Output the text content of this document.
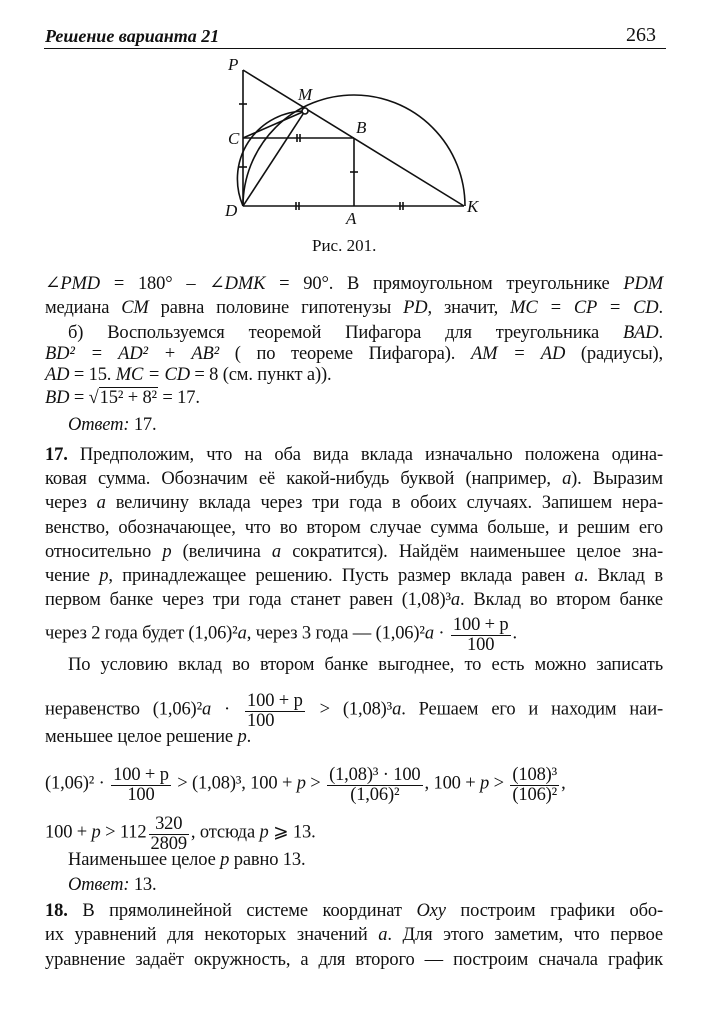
Решение варианта 21	263
P
M
C
B
D	A
K
Рис. 201.
∠PMD = 180° – ∠DMK = 90°. В прямоугольном треугольнике PDM
медиана CM равна половине гипотенузы PD, значит, MC = CP = CD.
б) Воспользуемся теоремой Пифагора для треугольника BAD.
BD² = AD² + AB² ( по теореме Пифагора). AM = AD (радиусы),
AD = 15. MC = CD = 8 (см. пункт а)).
BD = √15² + 8² = 17.
Ответ: 17.
17. Предположим, что на оба вида вклада изначально положена одина-
ковая сумма. Обозначим её какой-нибудь буквой (например, a). Выразим
через a величину вклада через три года в обоих случаях. Запишем нера-
венство, обозначающее, что во втором случае сумма больше, и решим его
относительно p (величина a сократится). Найдём наименьшее целое зна-
чение p, принадлежащее решению. Пусть размер вклада равен a. Вклад в
первом банке через три года станет равен (1,08)³a. Вклад во втором банке
через 2 года будет (1,06)²a, через 3 года — $(1,06)^2a \cdot \frac{100 + p}{100}$ .
По условию вклад во втором банке выгоднее, то есть можно записать
неравенство $(1,06)^2a \cdot \frac{100 + p}{100} > (1,08)^3a$. Решаем его и находим наи-
меньшее целое решение p.
$(1,06)^2 \cdot \frac{100 + p}{100} > (1,08)^3$, $100 + p > \frac{\text{(1,08)³ · 100}}{\text{(1,06)²}}$ , $100 + p > \frac{\text{(108)³}}{\text{(106)²}}$ ,
$100 + p > 112 \frac{320}{2809}$ , отсюда p ⩾ 13.
Наименьшее целое p равно 13.
Ответ: 13.
18. В прямолинейной системе координат Oxy построим графики обо-
их уравнений для некоторых значений a. Для этого заметим, что первое
уравнение задаёт окружность, а для второго — построим сначала график
